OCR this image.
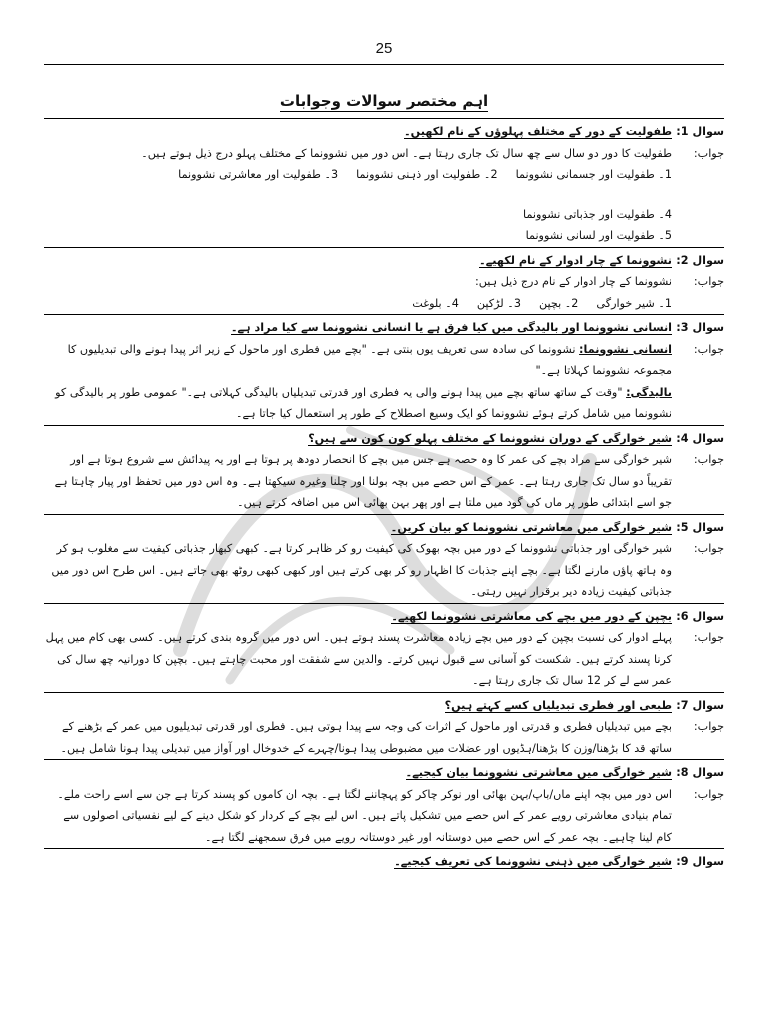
25
اہم مختصر سوالات وجوابات
سوال 1:
طفولیت کے دور کے مختلف پہلوؤں کے نام لکھیں۔
جواب:

طفولیت کا دور دو سال سے چھ سال تک جاری رہتا ہے۔ اس دور میں نشوونما کے مختلف پہلو درج ذیل ہوتے ہیں۔

1۔ طفولیت اور جسمانی نشوونما
2۔ طفولیت اور ذہنی نشوونما
3۔ طفولیت اور معاشرتی نشوونما
4۔ طفولیت اور جذباتی نشوونما
5۔ طفولیت اور لسانی نشوونما
سوال 2:
نشوونما کے چار ادوار کے نام لکھیے۔
جواب:

نشوونما کے چار ادوار کے نام درج ذیل ہیں:

1۔ شیر خوارگی
2۔ بچپن
3۔ لڑکپن
4۔ بلوغت
سوال 3:
انسانی نشوونما اور بالیدگی میں کیا فرق ہے یا انسانی نشوونما سے کیا مراد ہے۔
جواب:

انسانی نشوونما: نشوونما کی سادہ سی تعریف یوں بنتی ہے۔ "بچے میں فطری اور ماحول کے زیر اثر پیدا ہونے والی تبدیلیوں کا مجموعہ نشوونما کہلاتا ہے۔"

بالیدگی: "وقت کے ساتھ ساتھ بچے میں پیدا ہونے والی یہ فطری اور قدرتی تبدیلیاں بالیدگی کہلاتی ہے۔" عمومی طور پر بالیدگی کو نشوونما میں شامل کرتے ہوئے نشوونما کو ایک وسیع اصطلاح کے طور پر استعمال کیا جاتا ہے۔

سوال 4:
شیر خوارگی کے دوران نشوونما کے مختلف پہلو کون کون سے ہیں؟
جواب:

شیر خوارگی سے مراد بچے کی عمر کا وہ حصہ ہے جس میں بچے کا انحصار دودھ پر ہوتا ہے اور یہ پیدائش سے شروع ہوتا ہے اور تقریباً دو سال تک جاری رہتا ہے۔ عمر کے اس حصے میں بچہ بولنا اور چلنا وغیرہ سیکھتا ہے۔ وہ اس دور میں تحفظ اور پیار چاہتا ہے جو اسے ابتدائی طور پر ماں کی گود میں ملتا ہے اور پھر بہن بھائی اس میں اضافہ کرتے ہیں۔

سوال 5:
شیر خوارگی میں معاشرتی نشوونما کو بیان کریں۔
جواب:

شیر خوارگی اور جذباتی نشوونما کے دور میں بچہ بھوک کی کیفیت رو کر ظاہر کرتا ہے۔ کبھی کبھار جذباتی کیفیت سے مغلوب ہو کر وہ ہاتھ پاؤں مارنے لگتا ہے۔ بچے اپنے جذبات کا اظہار رو کر بھی کرتے ہیں اور کبھی کبھی روٹھ بھی جاتے ہیں۔ اس طرح اس دور میں جذباتی کیفیت زیادہ دیر برقرار نہیں رہتی۔

سوال 6:
بچپن کے دور میں بچے کی معاشرتی نشوونما لکھیے۔
جواب:

پہلے ادوار کی نسبت بچپن کے دور میں بچے زیادہ معاشرت پسند ہوتے ہیں۔ اس دور میں گروہ بندی کرتے ہیں۔ کسی بھی کام میں پہل کرنا پسند کرتے ہیں۔ شکست کو آسانی سے قبول نہیں کرتے۔ والدین سے شفقت اور محبت چاہتے ہیں۔ بچپن کا دورانیہ چھ سال کی عمر سے لے کر 12 سال تک جاری رہتا ہے۔

سوال 7:
طبعی اور فطری تبدیلیاں کسے کہتے ہیں؟
جواب:

بچے میں تبدیلیاں فطری و قدرتی اور ماحول کے اثرات کی وجہ سے پیدا ہوتی ہیں۔ فطری اور قدرتی تبدیلیوں میں عمر کے بڑھنے کے ساتھ قد کا بڑھنا/وزن کا بڑھنا/ہڈیوں اور عضلات میں مضبوطی پیدا ہونا/چہرے کے خدوخال اور آواز میں تبدیلی پیدا ہونا شامل ہیں۔

سوال 8:
شیر خوارگی میں معاشرتی نشوونما بیان کیجیے۔
جواب:

اس دور میں بچہ اپنے ماں/باپ/بہن بھائی اور نوکر چاکر کو پہچاننے لگتا ہے۔ بچہ ان کاموں کو پسند کرتا ہے جن سے اسے راحت ملے۔ تمام بنیادی معاشرتی رویے عمر کے اس حصے میں تشکیل پاتے ہیں۔ اس لیے بچے کے کردار کو شکل دینے کے لیے نفسیاتی اصولوں سے کام لینا چاہیے۔ بچہ عمر کے اس حصے میں دوستانہ اور غیر دوستانہ رویے میں فرق سمجھنے لگتا ہے۔

سوال 9:
شیر خوارگی میں ذہنی نشوونما کی تعریف کیجیے۔
